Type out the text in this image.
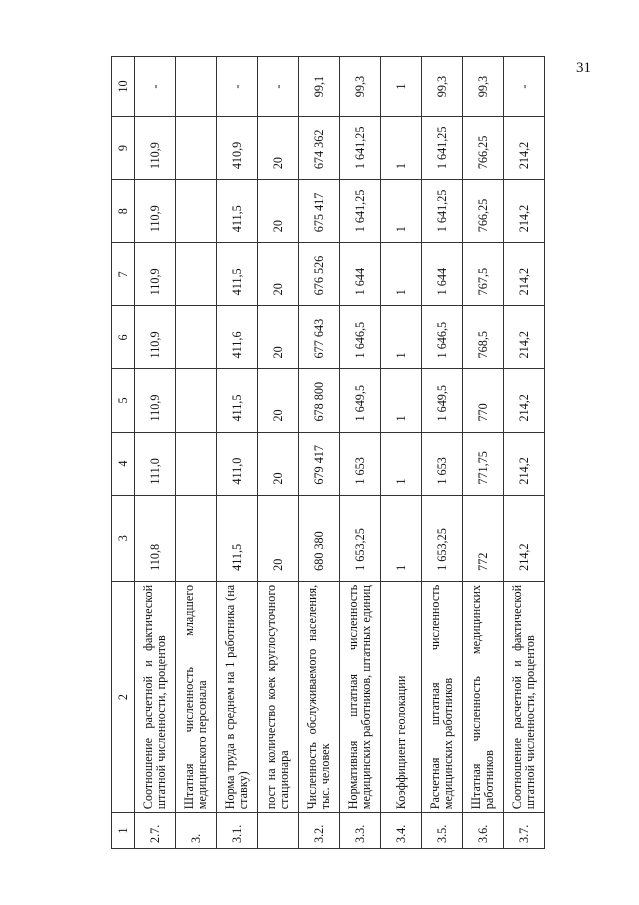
31
1	2	3	4	5	6	7	8	9	10
2.7.	Соотношение расчетной и фактической штатной численности, процентов	110,8	111,0	110,9	110,9	110,9	110,9	110,9	-
3.	Штатная численность младшего медицинского персонала								
3.1.	Норма труда в среднем на 1 работника (на ставку)	411,5	411,0	411,5	411,6	411,5	411,5	410,9	-
	пост на количество коек круглосуточного стационара	20	20	20	20	20	20	20	-
3.2.	Численность обслуживаемого населения, тыс. человек	680 380	679 417	678 800	677 643	676 526	675 417	674 362	99,1
3.3.	Нормативная штатная численность медицинских работников, штатных единиц	1 653,25	1 653	1 649,5	1 646,5	1 644	1 641,25	1 641,25	99,3
3.4.	Коэффициент геолокации	1	1	1	1	1	1	1	1
3.5.	Расчетная штатная численность медицинских работников	1 653,25	1 653	1 649,5	1 646,5	1 644	1 641,25	1 641,25	99,3
3.6.	Штатная численность медицинских работников	772	771,75	770	768,5	767,5	766,25	766,25	99,3
3.7.	Соотношение расчетной и фактической штатной численности, процентов	214,2	214,2	214,2	214,2	214,2	214,2	214,2	-
